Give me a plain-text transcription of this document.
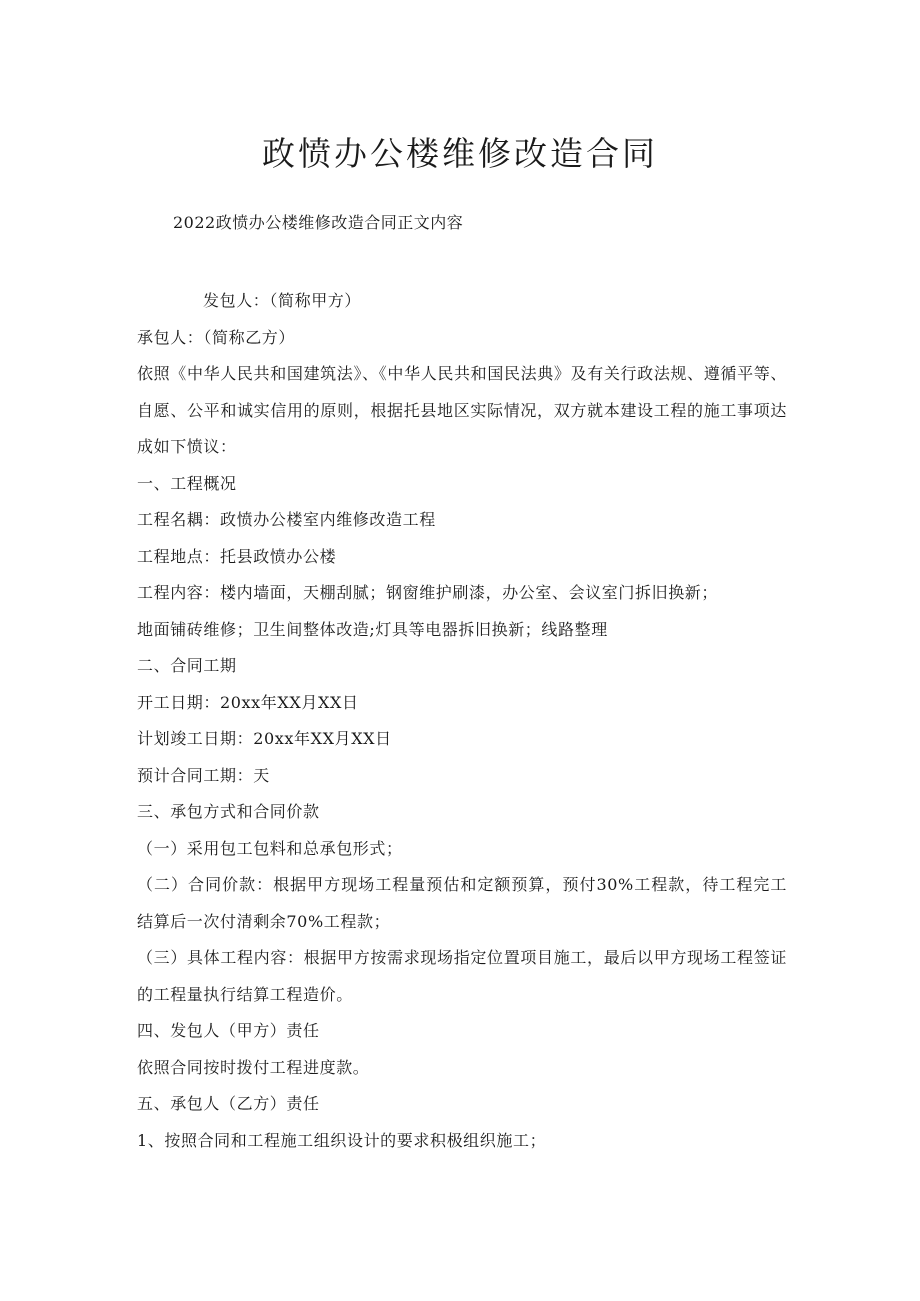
政愤办公楼维修改造合同

2022政愤办公楼维修改造合同正文内容

发包人：（简称甲方）

承包人：（简称乙方）

依照《中华人民共和国建筑法》、《中华人民共和国民法典》及有关行政法规、遵循平等、自愿、公平和诚实信用的原则，根据托县地区实际情况，双方就本建设工程的施工事项达成如下愤议：

一、工程概况

工程名耦：政愤办公楼室内维修改造工程

工程地点：托县政愤办公楼

工程内容：楼内墙面，天棚刮腻；钢窗维护刷漆，办公室、会议室门拆旧换新；

地面铺砖维修；卫生间整体改造;灯具等电器拆旧换新；线路整理

二、合同工期

开工日期：20xx年XX月XX日

计划竣工日期：20xx年XX月XX日

预计合同工期：天

三、承包方式和合同价款

（一）采用包工包料和总承包形式；

（二）合同价款：根据甲方现场工程量预估和定额预算，预付30%工程款，待工程完工结算后一次付清剩余70%工程款；

（三）具体工程内容：根据甲方按需求现场指定位置项目施工，最后以甲方现场工程签证的工程量执行结算工程造价。

四、发包人（甲方）责任

依照合同按时拨付工程进度款。

五、承包人（乙方）责任

1、按照合同和工程施工组织设计的要求积极组织施工；
